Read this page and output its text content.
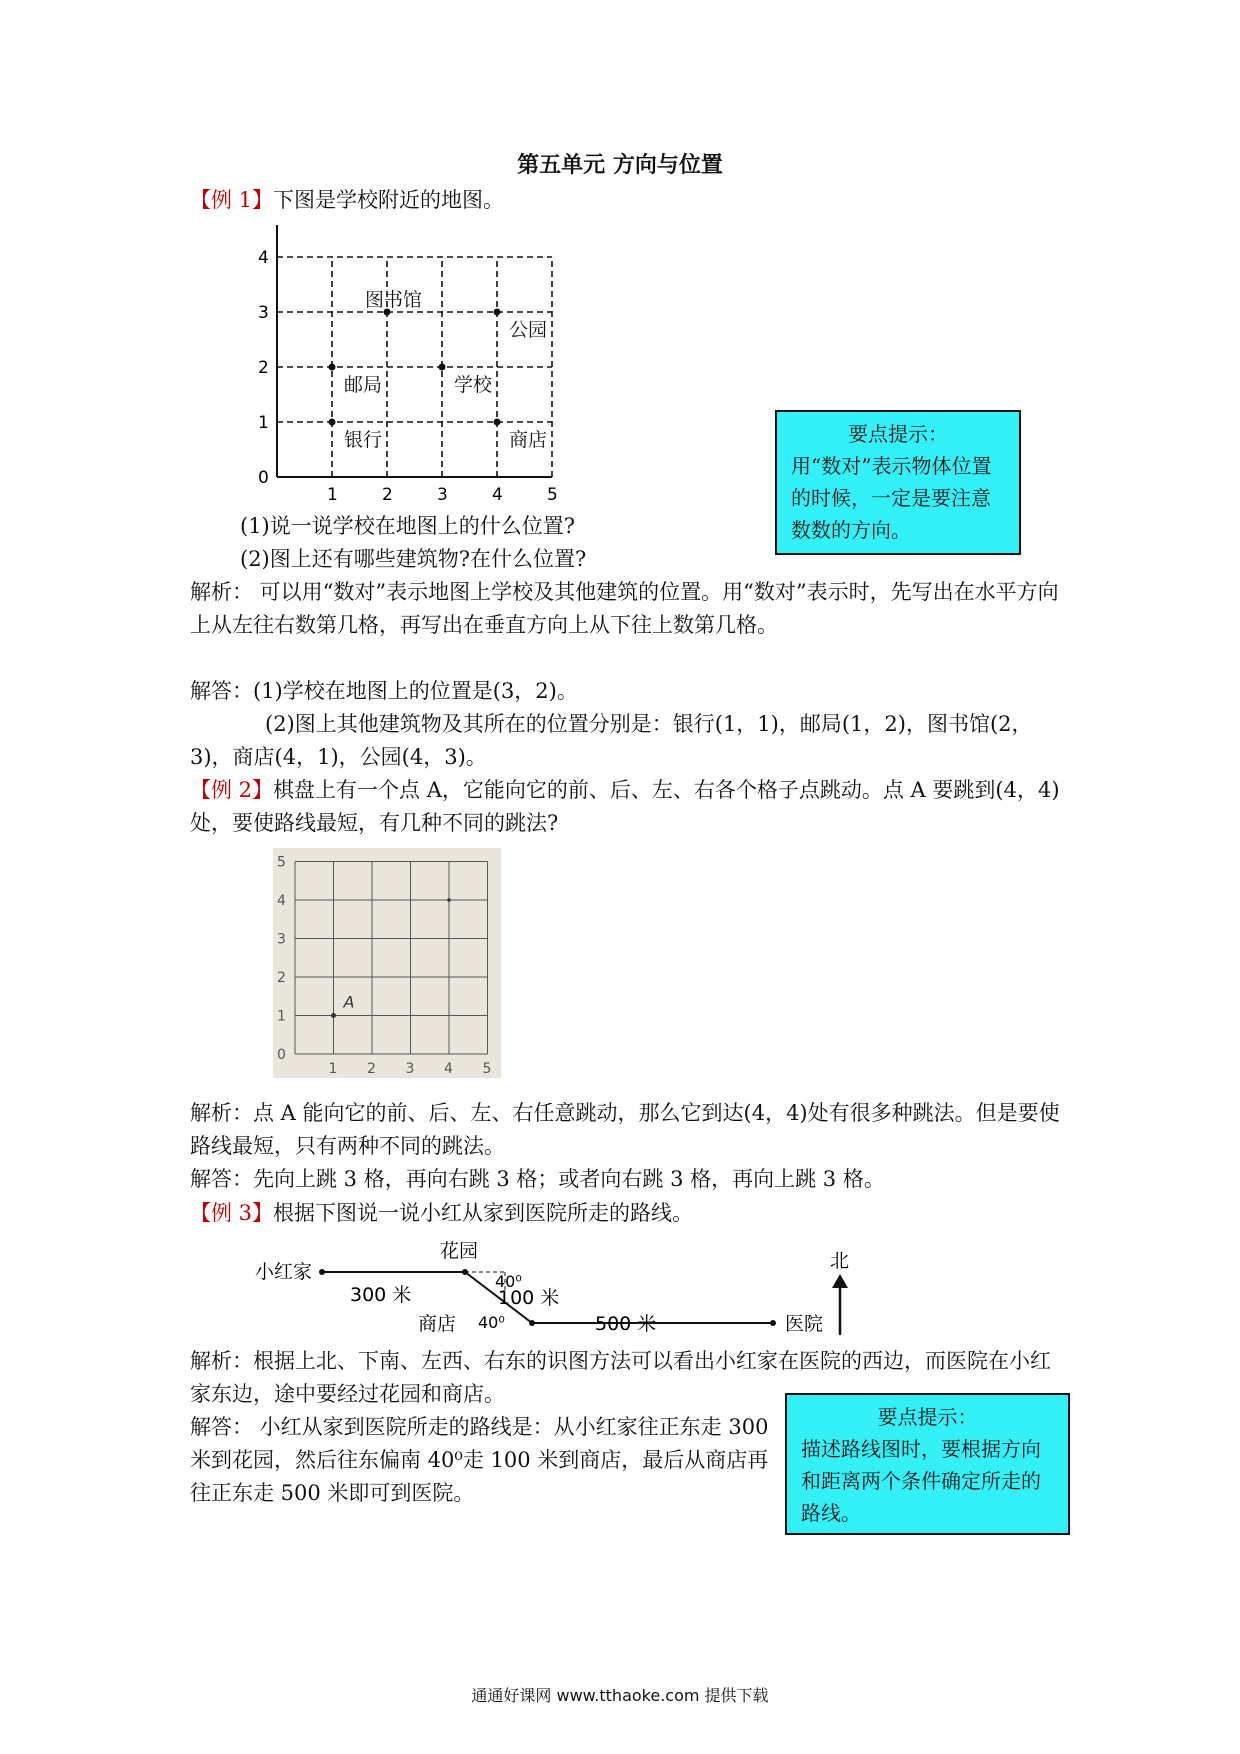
第五单元 方向与位置
【例 1】下图是学校附近的地图。
1	2	3	4	5
0
1
2
3
4
图书馆
公园
邮局	学校
银行	商店	要点提示：
用“数对”表示物体位置的时候，一定是要注意数数的方向。
(1)说一说学校在地图上的什么位置?
(2)图上还有哪些建筑物?在什么位置?
解析： 可以用“数对”表示地图上学校及其他建筑的位置。用“数对”表示时，先写出在水平方向上从左往右数第几格，再写出在垂直方向上从下往上数第几格。
解答：(1)学校在地图上的位置是(3，2)。
(2)图上其他建筑物及其所在的位置分别是：银行(1，1)，邮局(1，2)，图书馆(2，3)，商店(4，1)，公园(4，3)。
【例 2】棋盘上有一个点 A，它能向它的前、后、左、右各个格子点跳动。点 A 要跳到(4，4)处，要使路线最短，有几种不同的跳法?
1 2 3 4 5
0
1
2
3
4
5
A
解析：点 A 能向它的前、后、左、右任意跳动，那么它到达(4，4)处有很多种跳法。但是要使路线最短，只有两种不同的跳法。
解答：先向上跳 3 格，再向右跳 3 格；或者向右跳 3 格，再向上跳 3 格。
【例 3】根据下图说一说小红从家到医院所走的路线。
小红家
花园
商店	医院
300 米	100 米
500 米
40⁰
40⁰
北
解析：根据上北、下南、左西、右东的识图方法可以看出小红家在医院的西边，而医院在小红家东边，途中要经过花园和商店。
解答： 小红从家到医院所走的路线是：从小红家往正东走 300 米到花园，然后往东偏南 40⁰走 100 米到商店，最后从商店再往正东走 500 米即可到医院。
要点提示：
描述路线图时，要根据方向和距离两个条件确定所走的路线。
通通好课网 www.tthaoke.com 提供下载
